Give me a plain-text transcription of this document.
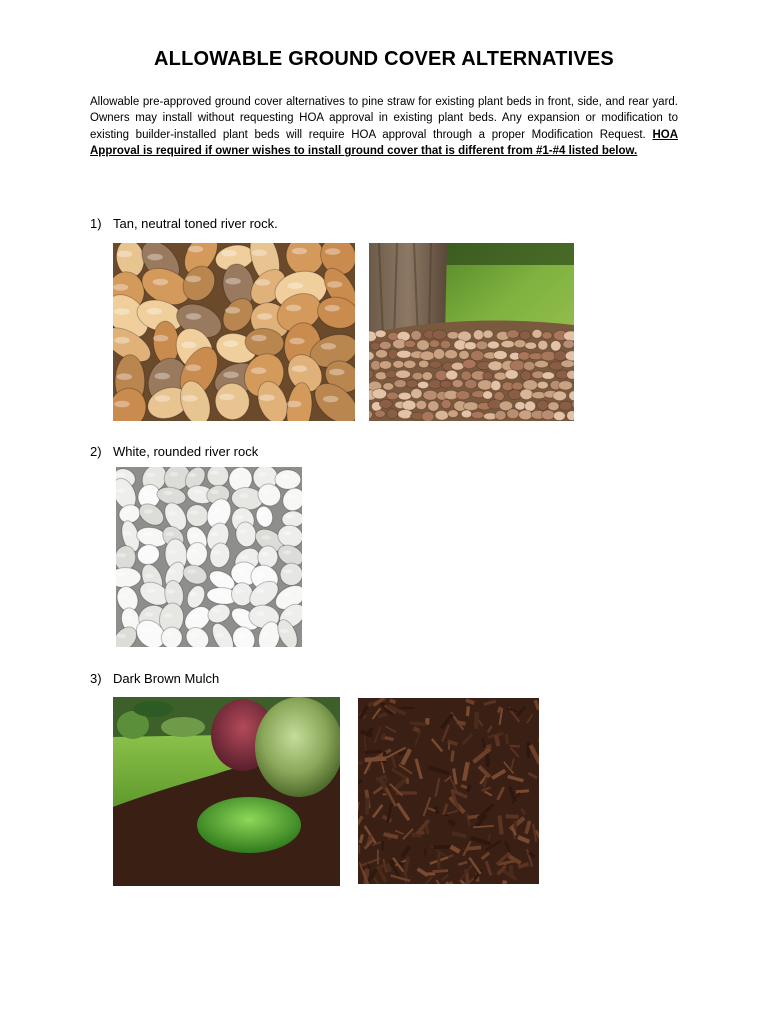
ALLOWABLE GROUND COVER ALTERNATIVES

Allowable pre-approved ground cover alternatives to pine straw for existing plant beds in front, side, and rear yard. Owners may install without requesting HOA approval in existing plant beds. Any expansion or modification to existing builder-installed plant beds will require HOA approval through a proper Modification Request. HOA Approval is required if owner wishes to install ground cover that is different from #1-#4 listed below.

1) Tan, neutral toned river rock.
2) White, rounded river rock
3) Dark Brown Mulch
